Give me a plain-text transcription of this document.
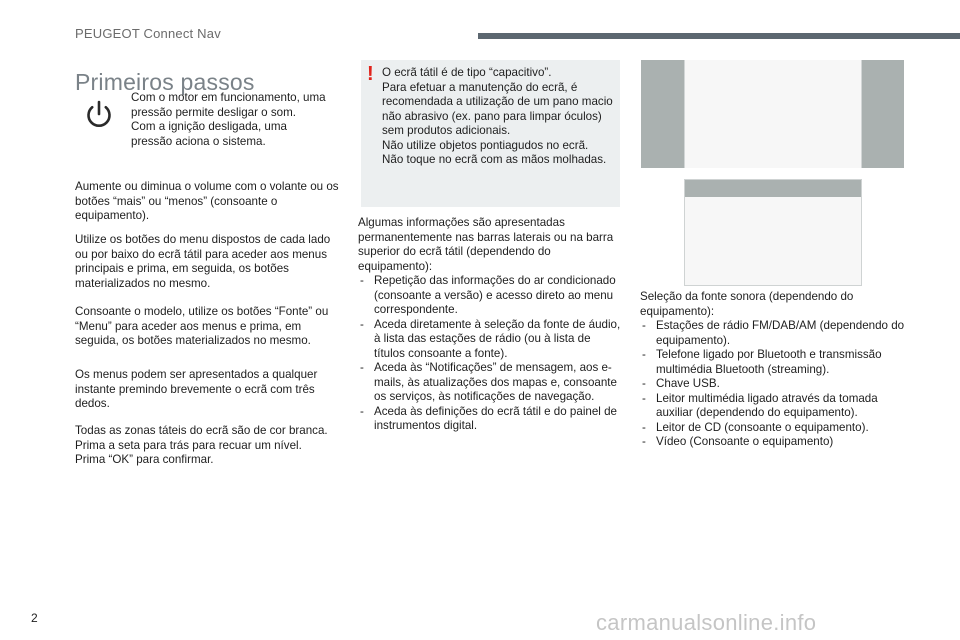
PEUGEOT Connect Nav
Primeiros passos
Com o motor em funcionamento, uma pressão permite desligar o som.
Com a ignição desligada, uma pressão aciona o sistema.

Aumente ou diminua o volume com o volante ou os botões “mais” ou “menos” (consoante o equipamento).

Utilize os botões do menu dispostos de cada lado ou por baixo do ecrã tátil para aceder aos menus principais e prima, em seguida, os botões materializados no mesmo.

Consoante o modelo, utilize os botões “Fonte” ou “Menu” para aceder aos menus e prima, em seguida, os botões materializados no mesmo.

Os menus podem ser apresentados a qualquer instante premindo brevemente o ecrã com três dedos.

Todas as zonas táteis do ecrã são de cor branca.
Prima a seta para trás para recuar um nível.
Prima “OK” para confirmar.

! O ecrã tátil é de tipo “capacitivo”.
Para efetuar a manutenção do ecrã, é recomendada a utilização de um pano macio não abrasivo (ex. pano para limpar óculos) sem produtos adicionais.
Não utilize objetos pontiagudos no ecrã.
Não toque no ecrã com as mãos molhadas.
Algumas informações são apresentadas permanentemente nas barras laterais ou na barra superior do ecrã tátil (dependendo do equipamento):
- Repetição das informações do ar condicionado (consoante a versão) e acesso direto ao menu correspondente.
- Aceda diretamente à seleção da fonte de áudio, à lista das estações de rádio (ou à lista de títulos consoante a fonte).
- Aceda às “Notificações” de mensagem, aos e-mails, às atualizações dos mapas e, consoante os serviços, às notificações de navegação.
- Aceda às definições do ecrã tátil e do painel de instrumentos digital.
Seleção da fonte sonora (dependendo do equipamento):
- Estações de rádio FM/DAB/AM (dependendo do equipamento).
- Telefone ligado por Bluetooth e transmissão multimédia Bluetooth (streaming).
- Chave USB.
- Leitor multimédia ligado através da tomada auxiliar (dependendo do equipamento).
- Leitor de CD (consoante o equipamento).
- Vídeo (Consoante o equipamento)
2	carmanualsonline.info
